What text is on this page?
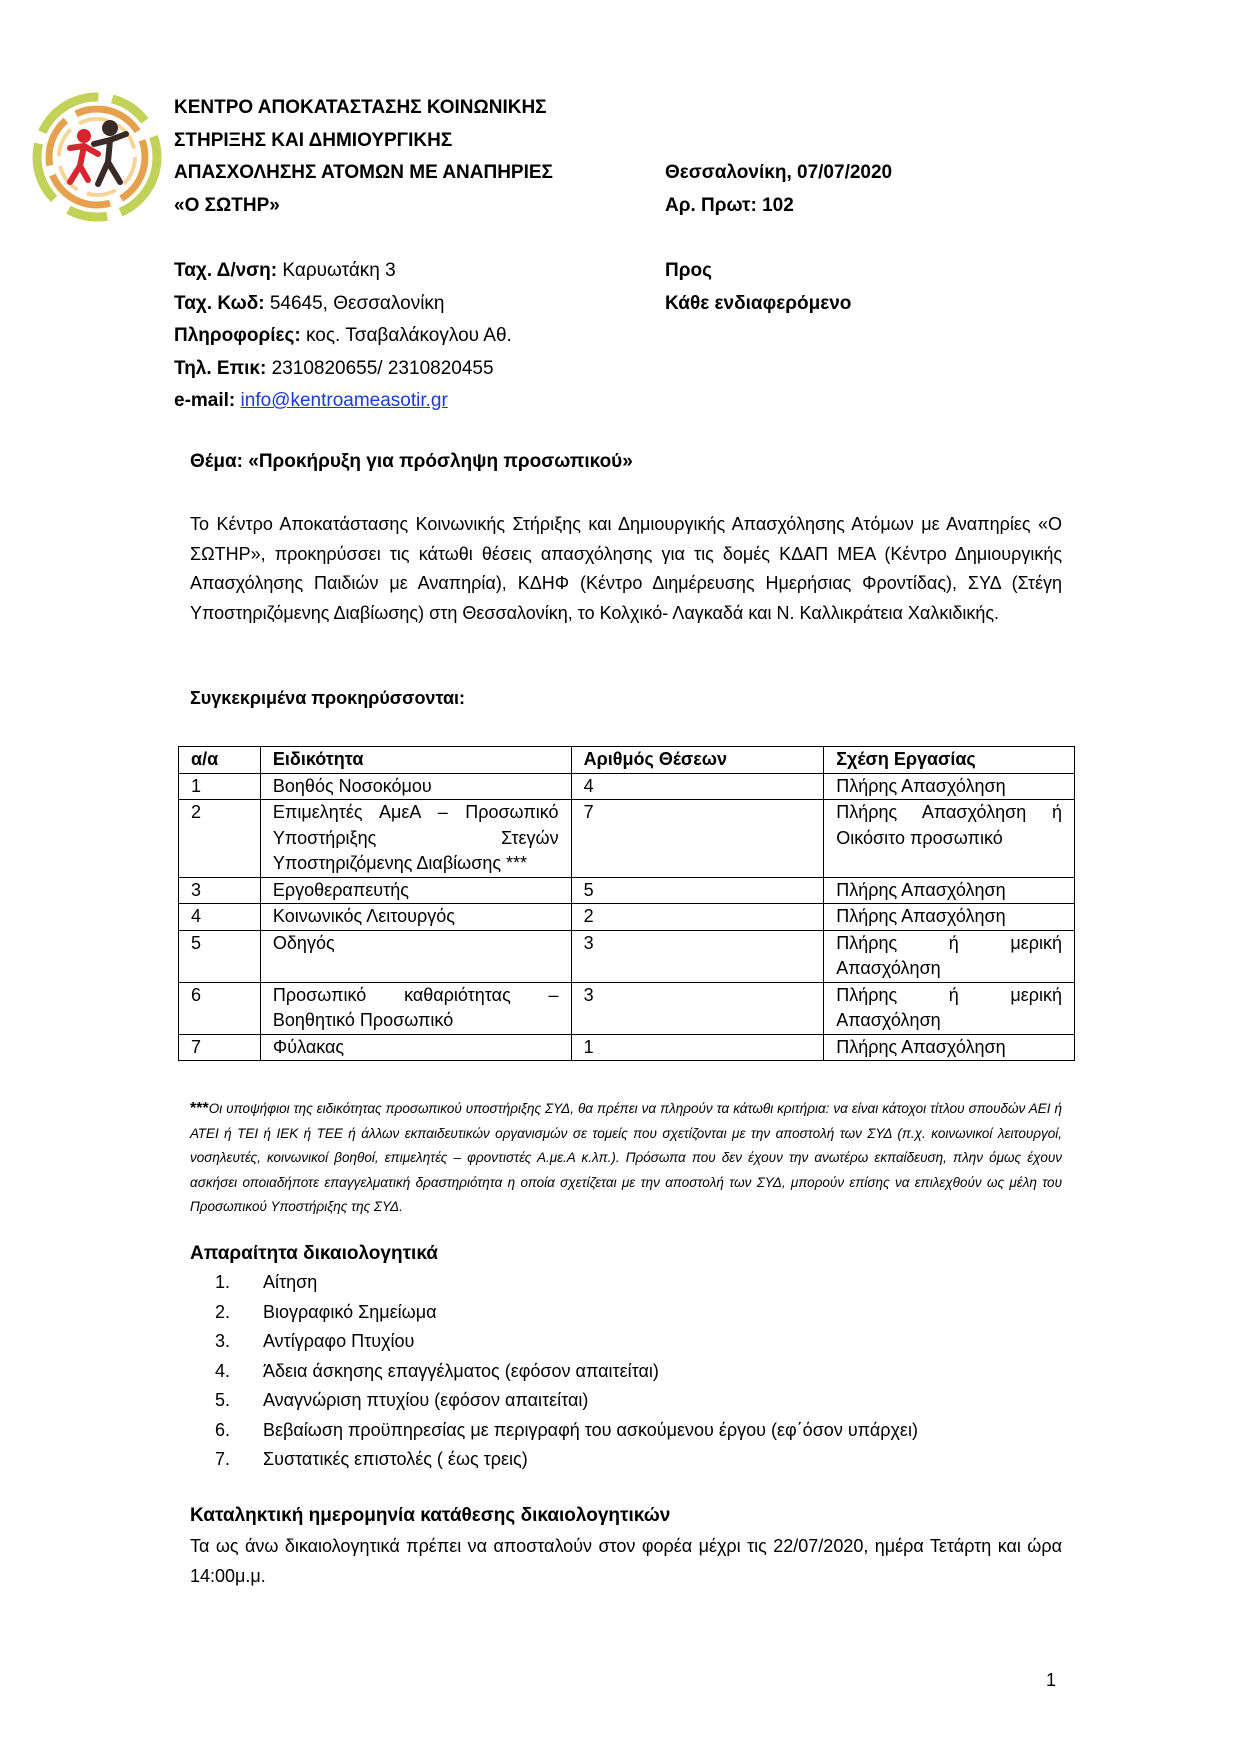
ΚΕΝΤΡΟ ΑΠΟΚΑΤΑΣΤΑΣΗΣ ΚΟΙΝΩΝΙΚΗΣ
ΣΤΗΡΙΞΗΣ ΚΑΙ ΔΗΜΙΟΥΡΓΙΚΗΣ
ΑΠΑΣΧΟΛΗΣΗΣ ΑΤΟΜΩΝ ΜΕ ΑΝΑΠΗΡΙΕΣ
«Ο ΣΩΤΗΡ»
Θεσσαλονίκη, 07/07/2020
Αρ. Πρωτ: 102
Ταχ. Δ/νση: Καρυωτάκη 3
Ταχ. Κωδ: 54645, Θεσσαλονίκη
Πληροφορίες: κος. Τσαβαλάκογλου Αθ.
Τηλ. Επικ: 2310820655/ 2310820455
e-mail: info@kentroameasotir.gr
Προς
Κάθε ενδιαφερόμενο
Θέμα: «Προκήρυξη για πρόσληψη προσωπικού»
Το Κέντρο Αποκατάστασης Κοινωνικής Στήριξης και Δημιουργικής Απασχόλησης Ατόμων με Αναπηρίες «Ο ΣΩΤΗΡ», προκηρύσσει τις κάτωθι θέσεις απασχόλησης για τις δομές ΚΔΑΠ ΜΕΑ (Κέντρο Δημιουργικής Απασχόλησης Παιδιών με Αναπηρία), ΚΔΗΦ (Κέντρο Διημέρευσης Ημερήσιας Φροντίδας), ΣΥΔ (Στέγη Υποστηριζόμενης Διαβίωσης) στη Θεσσαλονίκη, το Κολχικό- Λαγκαδά και Ν. Καλλικράτεια Χαλκιδικής.
Συγκεκριμένα προκηρύσσονται:
α/α	Ειδικότητα	Αριθμός Θέσεων	Σχέση Εργασίας
1	Βοηθός Νοσοκόμου	4	Πλήρης Απασχόληση
2	Επιμελητές ΑμεΑ – Προσωπικό Υποστήριξης Στεγών Υποστηριζόμενης Διαβίωσης ***	7	Πλήρης Απασχόληση ή Οικόσιτο προσωπικό
3	Εργοθεραπευτής	5	Πλήρης Απασχόληση
4	Κοινωνικός Λειτουργός	2	Πλήρης Απασχόληση
5	Οδηγός	3	Πλήρης ή μερική Απασχόληση
6	Προσωπικό καθαριότητας – Βοηθητικό Προσωπικό	3	Πλήρης ή μερική Απασχόληση
7	Φύλακας	1	Πλήρης Απασχόληση
***Οι υποψήφιοι της ειδικότητας προσωπικού υποστήριξης ΣΥΔ, θα πρέπει να πληρούν τα κάτωθι κριτήρια: να είναι κάτοχοι τίτλου σπουδών ΑΕΙ ή ΑΤΕΙ ή ΤΕΙ ή ΙΕΚ ή ΤΕΕ ή άλλων εκπαιδευτικών οργανισμών σε τομείς που σχετίζονται με την αποστολή των ΣΥΔ (π.χ. κοινωνικοί λειτουργοί, νοσηλευτές, κοινωνικοί βοηθοί, επιμελητές – φροντιστές Α.με.Α κ.λπ.). Πρόσωπα που δεν έχουν την ανωτέρω εκπαίδευση, πλην όμως έχουν ασκήσει οποιαδήποτε επαγγελματική δραστηριότητα η οποία σχετίζεται με την αποστολή των ΣΥΔ, μπορούν επίσης να επιλεχθούν ως μέλη του Προσωπικού Υποστήριξης της ΣΥΔ.
Απαραίτητα δικαιολογητικά
1. Αίτηση
2. Βιογραφικό Σημείωμα
3. Αντίγραφο Πτυχίου
4. Άδεια άσκησης επαγγέλματος (εφόσον απαιτείται)
5. Αναγνώριση πτυχίου (εφόσον απαιτείται)
6. Βεβαίωση προϋπηρεσίας με περιγραφή του ασκούμενου έργου (εφ΄όσον υπάρχει)
7. Συστατικές επιστολές ( έως τρεις)
Καταληκτική ημερομηνία κατάθεσης δικαιολογητικών
Τα ως άνω δικαιολογητικά πρέπει να αποσταλούν στον φορέα μέχρι τις 22/07/2020, ημέρα Τετάρτη και ώρα 14:00μ.μ.
1
